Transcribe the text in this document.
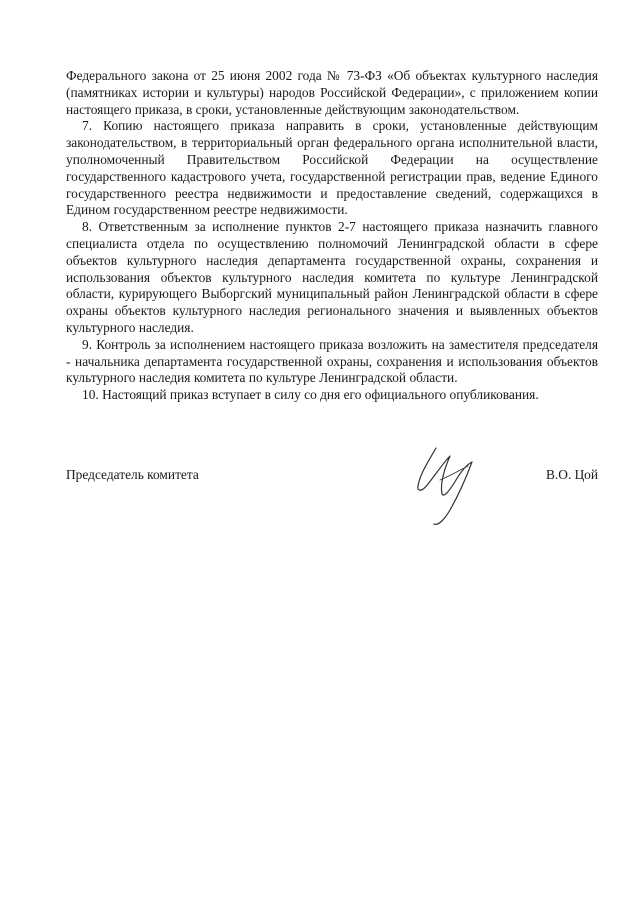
Федерального закона от 25 июня 2002 года № 73-ФЗ «Об объектах культурного наследия (памятниках истории и культуры) народов Российской Федерации», с приложением копии настоящего приказа, в сроки, установленные действующим законодательством.

7. Копию настоящего приказа направить в сроки, установленные действующим законодательством, в территориальный орган федерального органа исполнительной власти, уполномоченный Правительством Российской Федерации на осуществление государственного кадастрового учета, государственной регистрации прав, ведение Единого государственного реестра недвижимости и предоставление сведений, содержащихся в Едином государственном реестре недвижимости.

8. Ответственным за исполнение пунктов 2-7 настоящего приказа назначить главного специалиста отдела по осуществлению полномочий Ленинградской области в сфере объектов культурного наследия департамента государственной охраны, сохранения и использования объектов культурного наследия комитета по культуре Ленинградской области, курирующего Выборгский муниципальный район Ленинградской области в сфере охраны объектов культурного наследия регионального значения и выявленных объектов культурного наследия.

9. Контроль за исполнением настоящего приказа возложить на заместителя председателя - начальника департамента государственной охраны, сохранения и использования объектов культурного наследия комитета по культуре Ленинградской области.

10. Настоящий приказ вступает в силу со дня его официального опубликования.

Председатель комитета	В.О. Цой
